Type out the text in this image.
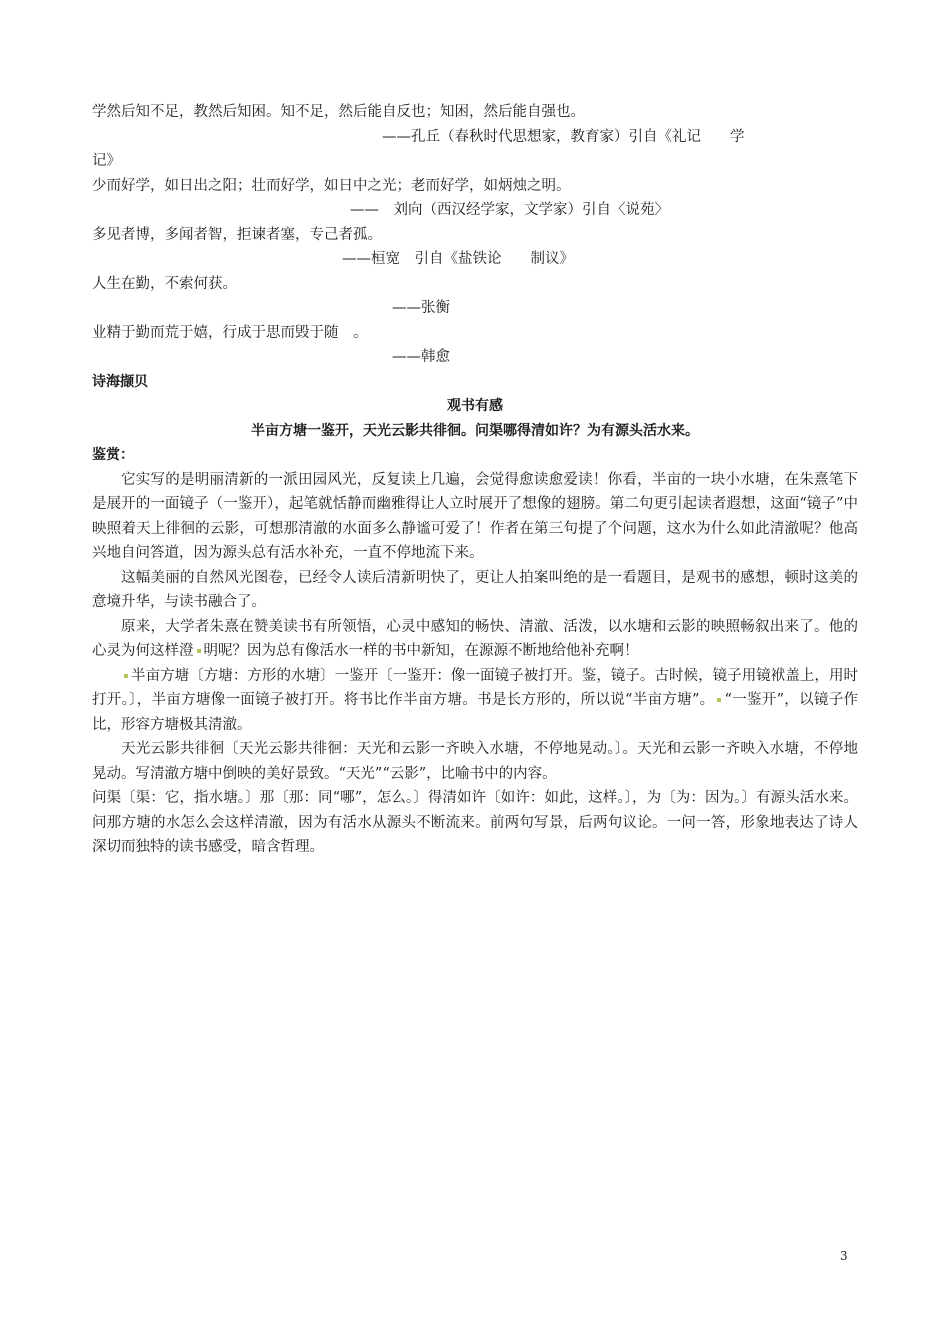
学然后知不足，教然后知困。知不足，然后能自反也；知困，然后能自强也。
——孔丘（春秋时代思想家，教育家）引自《礼记　　学
记》
少而好学，如日出之阳；壮而好学，如日中之光；老而好学，如炳烛之明。
——　刘向（西汉经学家，文学家）引自〈说苑〉
多见者博，多闻者智，拒谏者塞，专己者孤。
——桓宽　引自《盐铁论　　制议》
人生在勤，不索何获。
——张衡
业精于勤而荒于嬉，行成于思而毁于随　。
——韩愈
诗海撷贝
观书有感
半亩方塘一鉴开，天光云影共徘徊。问渠哪得清如许？为有源头活水来。
鉴赏：
它实写的是明丽清新的一派田园风光，反复读上几遍，会觉得愈读愈爱读！你看，半亩的一块小水塘，在朱熹笔下是展开的一面镜子（一鉴开），起笔就恬静而幽雅得让人立时展开了想像的翅膀。第二句更引起读者遐想，这面“镜子”中映照着天上徘徊的云影，可想那清澈的水面多么静谧可爱了！作者在第三句提了个问题，这水为什么如此清澈呢？他高兴地自问答道，因为源头总有活水补充，一直不停地流下来。
这幅美丽的自然风光图卷，已经令人读后清新明快了，更让人拍案叫绝的是一看题目，是观书的感想，顿时这美的意境升华，与读书融合了。
原来，大学者朱熹在赞美读书有所领悟，心灵中感知的畅快、清澈、活泼，以水塘和云影的映照畅叙出来了。他的心灵为何这样澄 明呢？因为总有像活水一样的书中新知，在源源不断地给他补充啊！
半亩方塘〔方塘：方形的水塘〕一鉴开〔一鉴开：像一面镜子被打开。鉴，镜子。古时候，镜子用镜袱盖上，用时打开。〕，半亩方塘像一面镜子被打开。将书比作半亩方塘。书是长方形的，所以说“半亩方塘”。 “一鉴开”，以镜子作比，形容方塘极其清澈。
天光云影共徘徊〔天光云影共徘徊：天光和云影一齐映入水塘，不停地晃动。〕。天光和云影一齐映入水塘，不停地晃动。写清澈方塘中倒映的美好景致。“天光”“云影”，比喻书中的内容。
问渠〔渠：它，指水塘。〕那〔那：同“哪”，怎么。〕得清如许〔如许：如此，这样。〕，为〔为：因为。〕有源头活水来。问那方塘的水怎么会这样清澈，因为有活水从源头不断流来。前两句写景，后两句议论。一问一答，形象地表达了诗人深切而独特的读书感受，暗含哲理。
3
